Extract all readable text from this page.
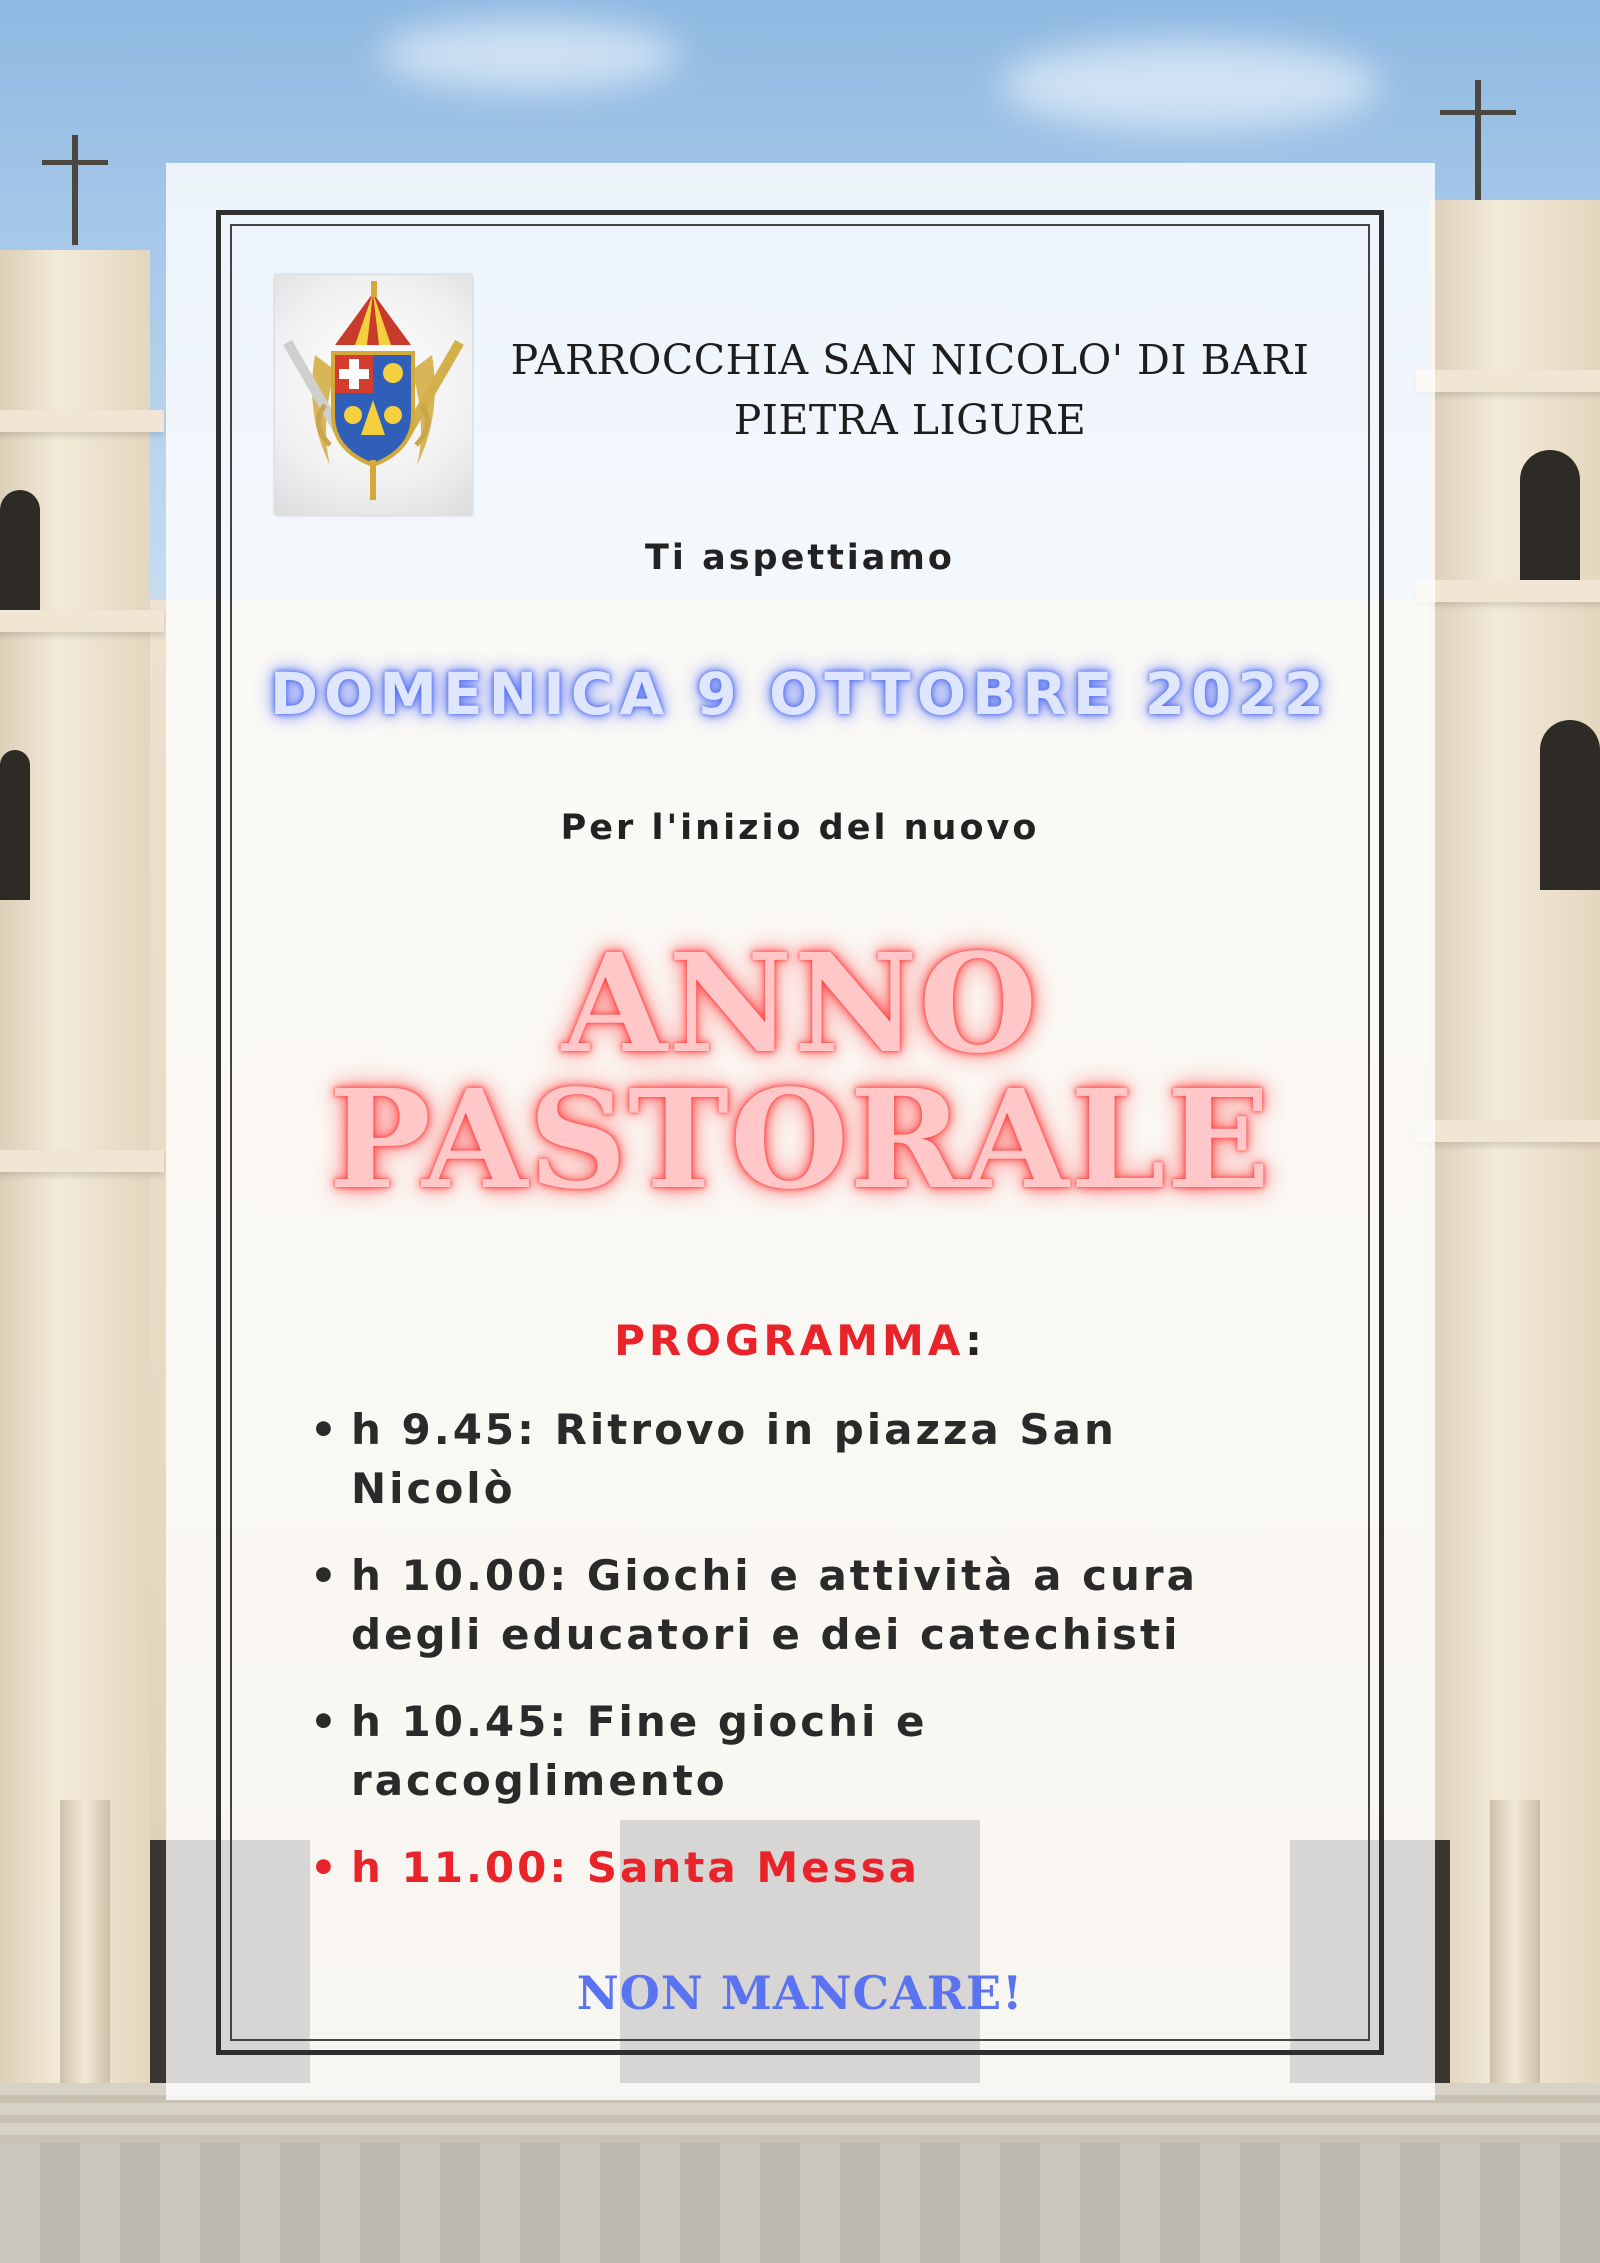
PARROCCHIA SAN NICOLO' DI BARI
PIETRA LIGURE
Ti aspettiamo
DOMENICA 9 OTTOBRE 2022
Per l'inizio del nuovo
ANNO
PASTORALE
PROGRAMMA:
• h 9.45: Ritrovo in piazza San Nicolò
• h 10.00: Giochi e attività a cura degli educatori e dei catechisti
• h 10.45: Fine giochi e raccoglimento
• h 11.00: Santa Messa
NON MANCARE!
